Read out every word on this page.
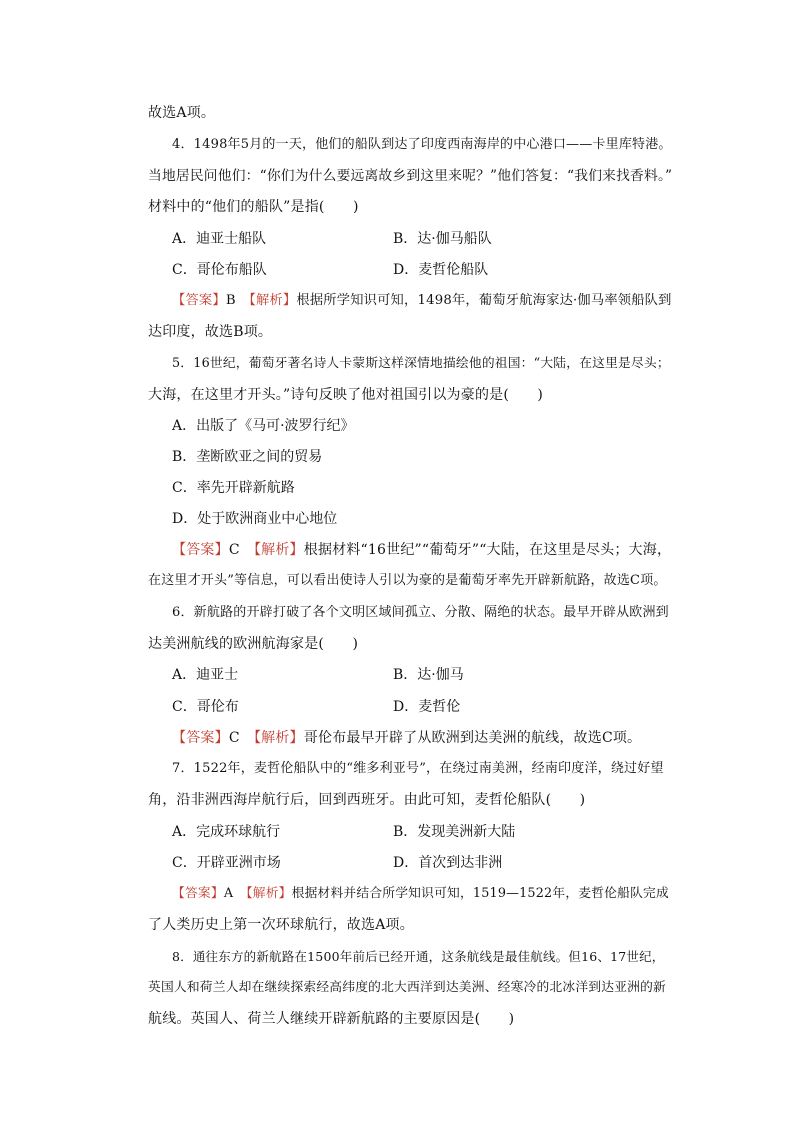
故选A项。
4．1498年5月的一天，他们的船队到达了印度西南海岸的中心港口——卡里库特港。
当地居民问他们：“你们为什么要远离故乡到这里来呢？”他们答复：“我们来找香料。”
材料中的“他们的船队”是指(　　)
A．迪亚士船队	B．达·伽马船队
C．哥伦布船队	D．麦哲伦船队
【答案】B　 【解析】根据所学知识可知，1498年，葡萄牙航海家达·伽马率领船队到
达印度，故选B项。
5．16世纪，葡萄牙著名诗人卡蒙斯这样深情地描绘他的祖国：“大陆，在这里是尽头；
大海，在这里才开头。”诗句反映了他对祖国引以为豪的是(　　)
A．出版了《马可·波罗行纪》
B．垄断欧亚之间的贸易
C．率先开辟新航路
D．处于欧洲商业中心地位
【答案】C　 【解析】根据材料“16世纪”“葡萄牙”“大陆，在这里是尽头；大海，
在这里才开头”等信息，可以看出使诗人引以为豪的是葡萄牙率先开辟新航路，故选C项。
6．新航路的开辟打破了各个文明区域间孤立、分散、隔绝的状态。最早开辟从欧洲到
达美洲航线的欧洲航海家是(　　)
A．迪亚士	B．达·伽马
C．哥伦布	D．麦哲伦
【答案】C　 【解析】哥伦布最早开辟了从欧洲到达美洲的航线，故选C项。
7．1522年，麦哲伦船队中的“维多利亚号”，在绕过南美洲，经南印度洋，绕过好望
角，沿非洲西海岸航行后，回到西班牙。由此可知，麦哲伦船队(　　)
A．完成环球航行	B．发现美洲新大陆
C．开辟亚洲市场	D．首次到达非洲
【答案】A　 【解析】根据材料并结合所学知识可知，1519—1522年，麦哲伦船队完成
了人类历史上第一次环球航行，故选A项。
8．通往东方的新航路在1500年前后已经开通，这条航线是最佳航线。但16、17世纪，
英国人和荷兰人却在继续探索经高纬度的北大西洋到达美洲、经寒冷的北冰洋到达亚洲的新
航线。英国人、荷兰人继续开辟新航路的主要原因是(　　)
